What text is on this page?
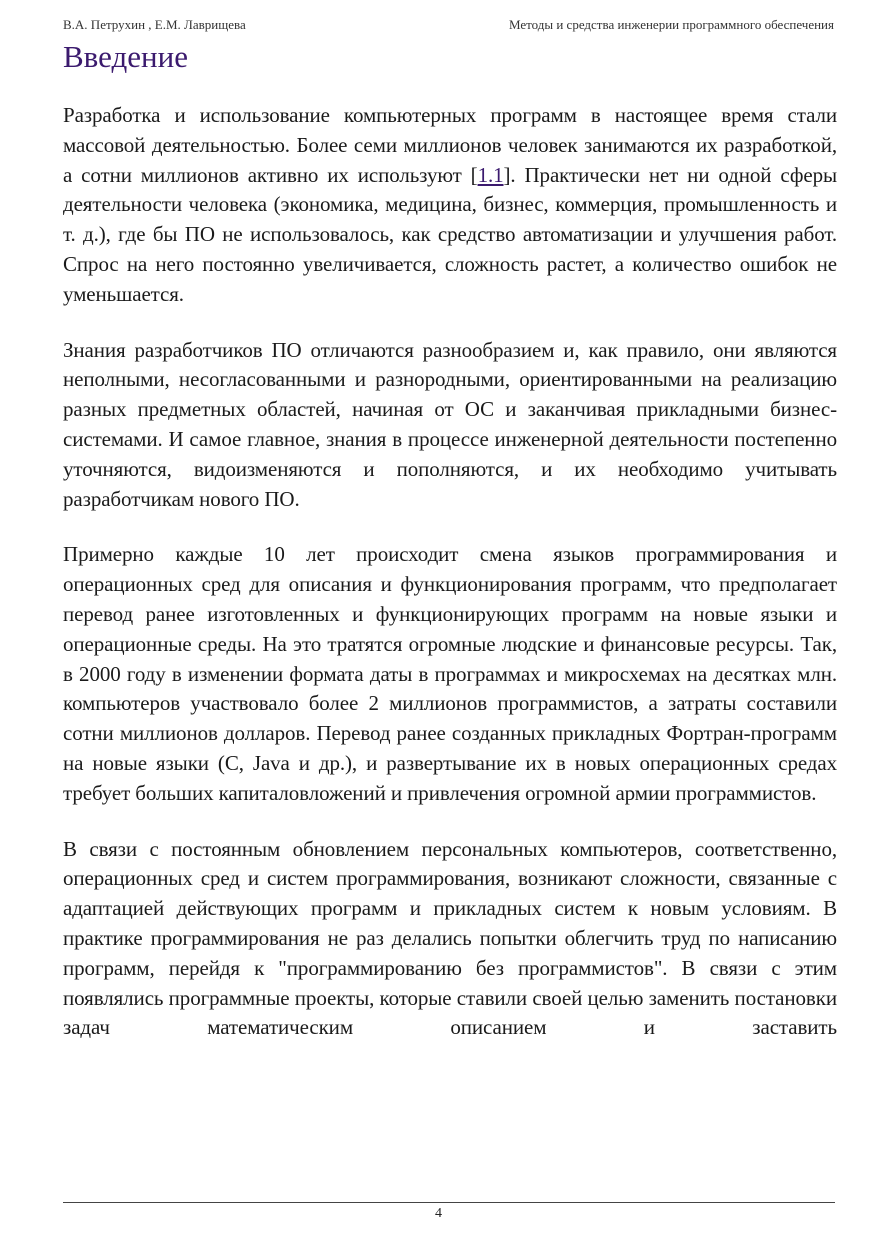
В.А. Петрухин , Е.М. Лаврищева	Методы и средства инженерии программного обеспечения
Введение

Разработка и использование компьютерных программ в настоящее время стали массовой деятельностью. Более семи миллионов человек занимаются их разработкой, а сотни миллионов активно их используют [1.1]. Практически нет ни одной сферы деятельности человека (экономика, медицина, бизнес, коммерция, промышленность и т. д.), где бы ПО не использовалось, как средство автоматизации и улучшения работ. Спрос на него постоянно увеличивается, сложность растет, а количество ошибок не уменьшается.

Знания разработчиков ПО отличаются разнообразием и, как правило, они являются неполными, несогласованными и разнородными, ориентированными на реализацию разных предметных областей, начиная от ОС и заканчивая прикладными бизнес-системами. И самое главное, знания в процессе инженерной деятельности постепенно уточняются, видоизменяются и пополняются, и их необходимо учитывать разработчикам нового ПО.

Примерно каждые 10 лет происходит смена языков программирования и операционных сред для описания и функционирования программ, что предполагает перевод ранее изготовленных и функционирующих программ на новые языки и операционные среды. На это тратятся огромные людские и финансовые ресурсы. Так, в 2000 году в изменении формата даты в программах и микросхемах на десятках млн. компьютеров участвовало более 2 миллионов программистов, а затраты составили сотни миллионов долларов. Перевод ранее созданных прикладных Фортран-программ на новые языки (С, Java и др.), и развертывание их в новых операционных средах требует больших капиталовложений и привлечения огромной армии программистов.

В связи с постоянным обновлением персональных компьютеров, соответственно, операционных сред и систем программирования, возникают сложности, связанные с адаптацией действующих программ и прикладных систем к новым условиям. В практике программирования не раз делались попытки облегчить труд по написанию программ, перейдя к "программированию без программистов". В связи с этим появлялись программные проекты, которые ставили своей целью заменить постановки задач математическим описанием и заставить

4
